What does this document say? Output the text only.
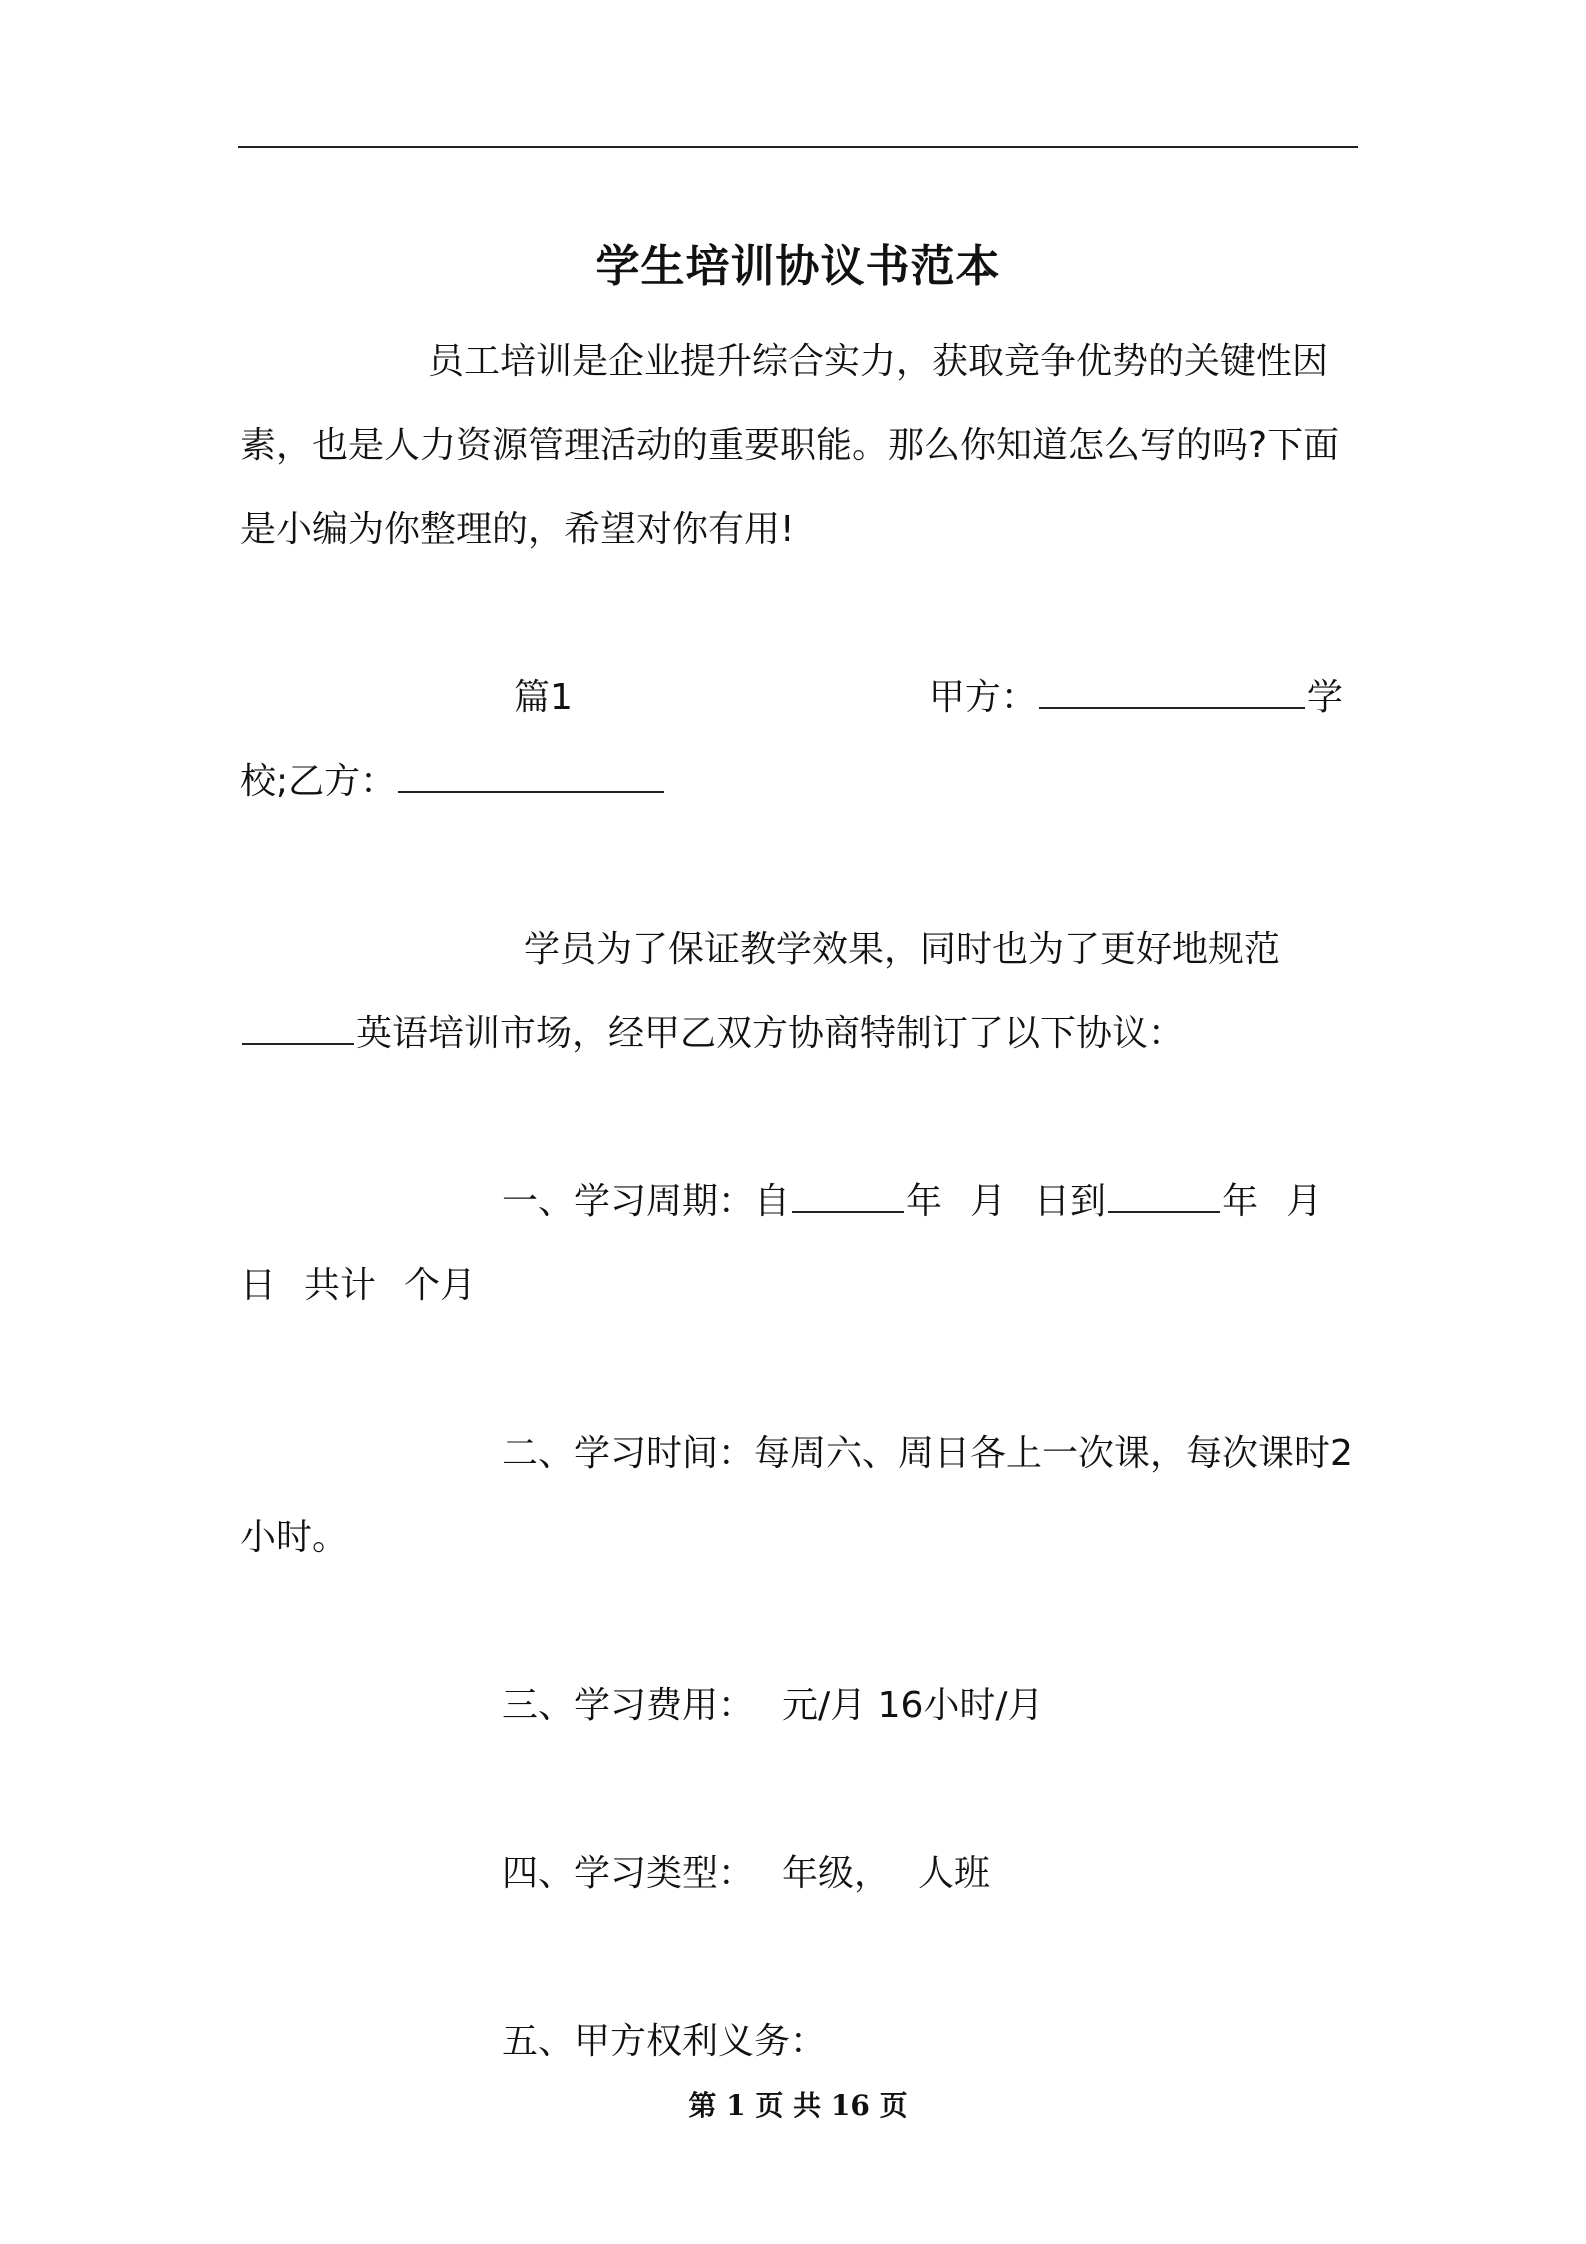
学生培训协议书范本

员工培训是企业提升综合实力，获取竞争优势的关键性因素，也是人力资源管理活动的重要职能。那么你知道怎么写的吗?下面是小编为你整理的，希望对你有用!

篇1	甲方：	学校;乙方：

学员为了保证教学效果，同时也为了更好地规范英语培训市场，经甲乙双方协商特制订了以下协议：

一、学习周期：自	年 月 日到	年 月日 共计 个月

二、学习时间：每周六、周日各上一次课，每次课时2小时。

三、学习费用： 元/月 16小时/月

四、学习类型： 年级， 人班

五、甲方权利义务：

第 1 页 共 16 页
